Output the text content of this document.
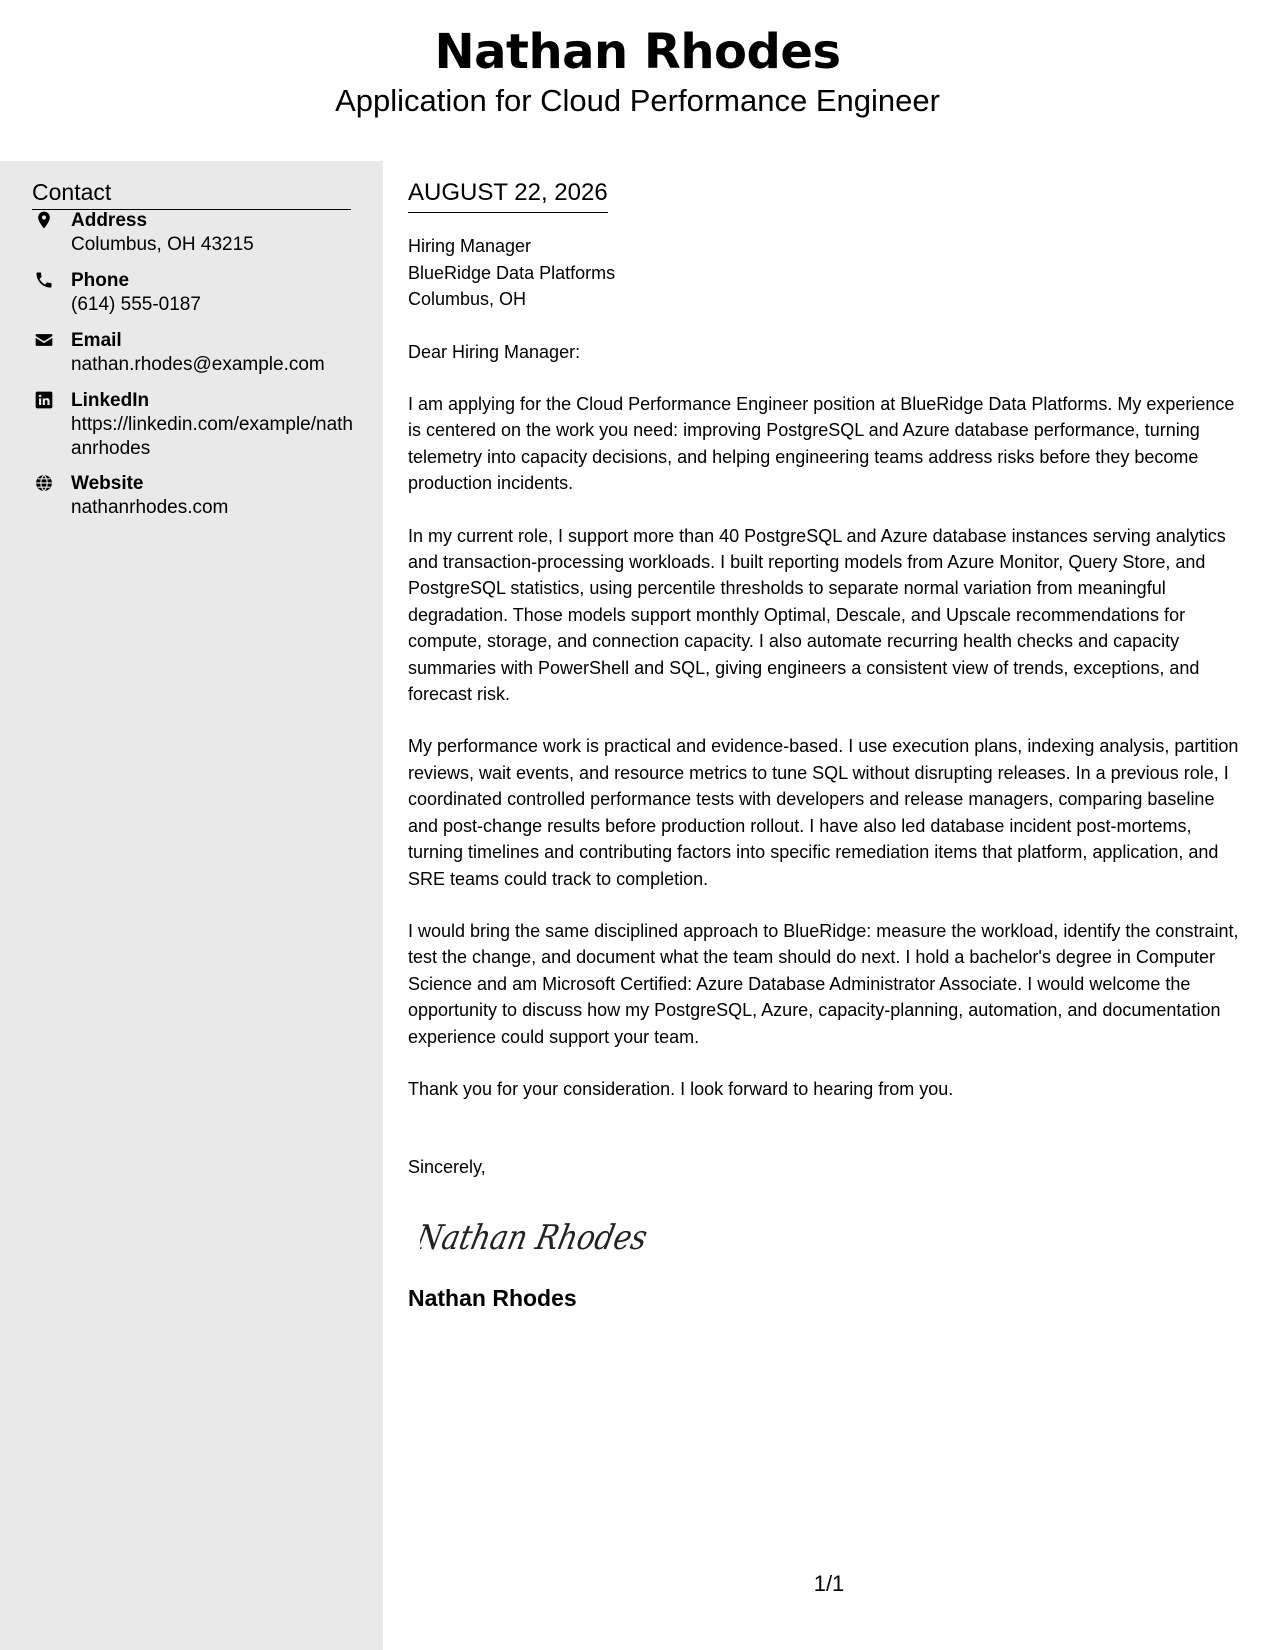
Nathan Rhodes
Application for Cloud Performance Engineer
Contact
Address
Columbus, OH 43215
Phone
(614) 555-0187
Email
nathan.rhodes@example.com
LinkedIn
https://linkedin.com/example/nathanrhodes
Website
nathanrhodes.com
AUGUST 22, 2026
Hiring Manager
BlueRidge Data Platforms
Columbus, OH
Dear Hiring Manager:
I am applying for the Cloud Performance Engineer position at BlueRidge Data Platforms. My experience is centered on the work you need: improving PostgreSQL and Azure database performance, turning telemetry into capacity decisions, and helping engineering teams address risks before they become production incidents.
In my current role, I support more than 40 PostgreSQL and Azure database instances serving analytics and transaction-processing workloads. I built reporting models from Azure Monitor, Query Store, and PostgreSQL statistics, using percentile thresholds to separate normal variation from meaningful degradation. Those models support monthly Optimal, Descale, and Upscale recommendations for compute, storage, and connection capacity. I also automate recurring health checks and capacity summaries with PowerShell and SQL, giving engineers a consistent view of trends, exceptions, and forecast risk.
My performance work is practical and evidence-based. I use execution plans, indexing analysis, partition reviews, wait events, and resource metrics to tune SQL without disrupting releases. In a previous role, I coordinated controlled performance tests with developers and release managers, comparing baseline and post-change results before production rollout. I have also led database incident post-mortems, turning timelines and contributing factors into specific remediation items that platform, application, and SRE teams could track to completion.
I would bring the same disciplined approach to BlueRidge: measure the workload, identify the constraint, test the change, and document what the team should do next. I hold a bachelor's degree in Computer Science and am Microsoft Certified: Azure Database Administrator Associate. I would welcome the opportunity to discuss how my PostgreSQL, Azure, capacity-planning, automation, and documentation experience could support your team.
Thank you for your consideration. I look forward to hearing from you.
Sincerely,
Nathan Rhodes
Nathan Rhodes
1/1
